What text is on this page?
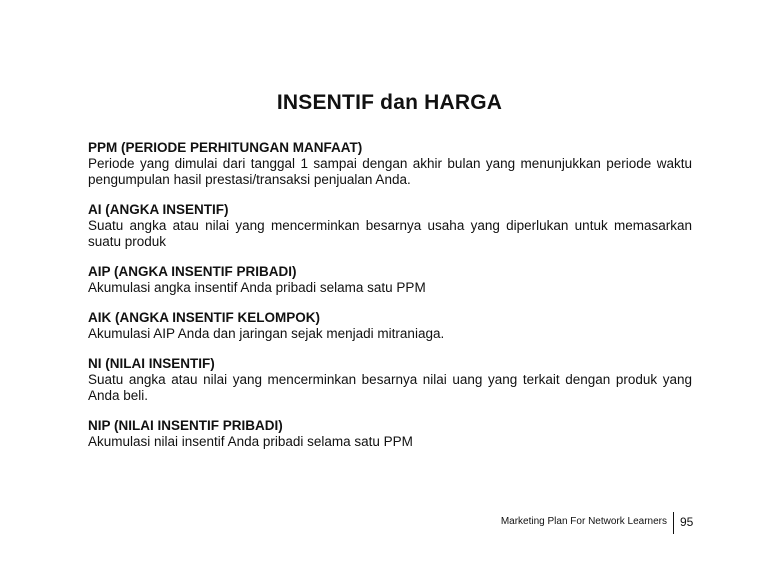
INSENTIF dan HARGA
PPM (PERIODE PERHITUNGAN MANFAAT)
Periode yang dimulai dari tanggal 1 sampai dengan akhir bulan yang menunjukkan periode waktu pengumpulan hasil prestasi/transaksi penjualan Anda.
AI (ANGKA INSENTIF)
Suatu angka atau nilai yang mencerminkan besarnya usaha yang diperlukan untuk memasarkan suatu produk
AIP (ANGKA INSENTIF PRIBADI)
Akumulasi angka insentif Anda pribadi selama satu PPM
AIK (ANGKA INSENTIF KELOMPOK)
Akumulasi AIP Anda dan jaringan sejak menjadi mitraniaga.
NI (NILAI INSENTIF)
Suatu angka atau nilai yang mencerminkan besarnya nilai uang yang terkait dengan produk yang Anda beli.
NIP (NILAI INSENTIF PRIBADI)
Akumulasi nilai insentif Anda pribadi selama satu PPM
Marketing Plan For Network Learners 95
